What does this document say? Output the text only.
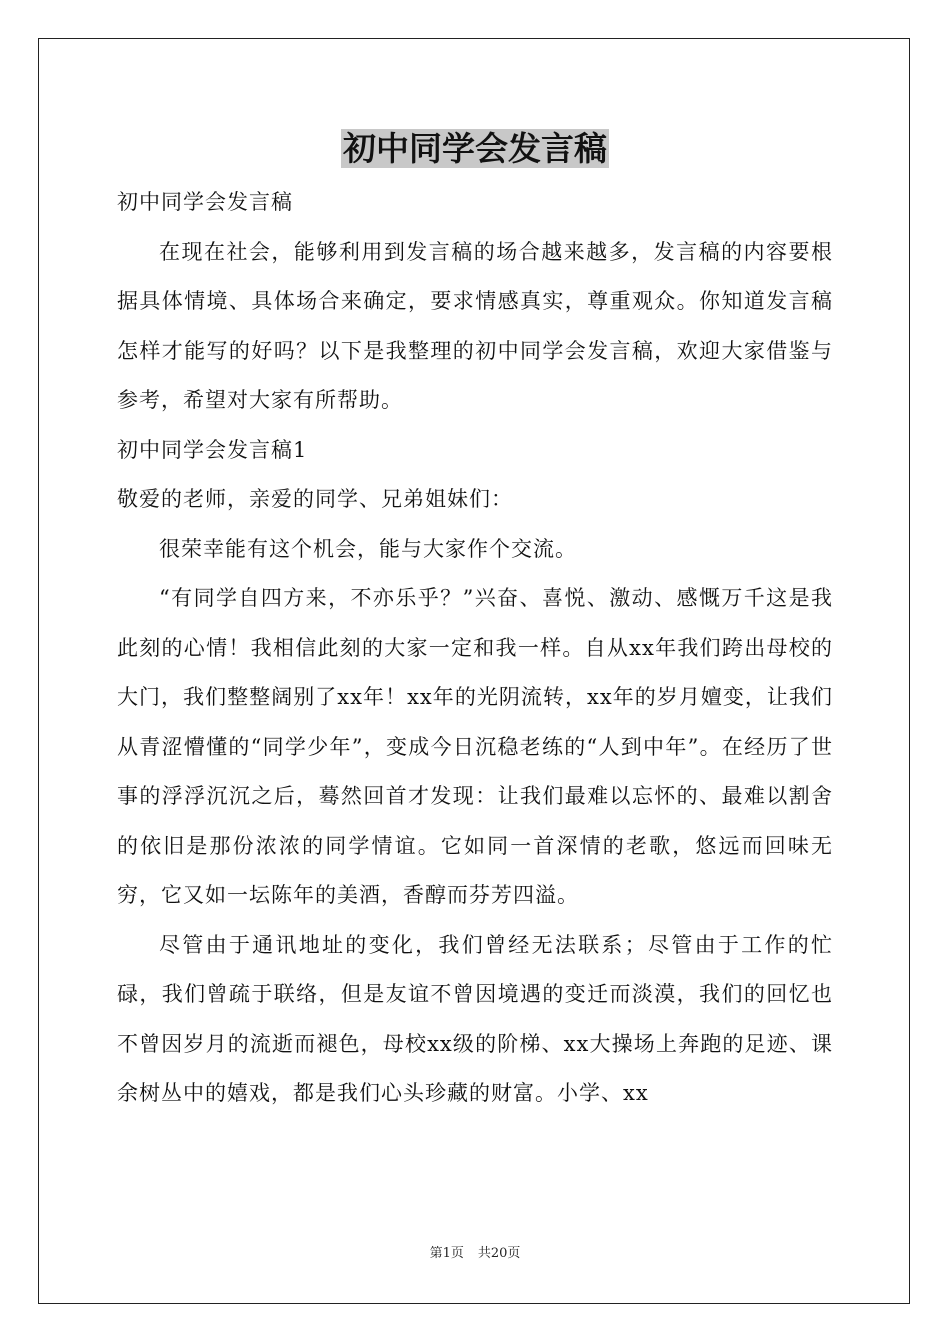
初中同学会发言稿

初中同学会发言稿

在现在社会，能够利用到发言稿的场合越来越多，发言稿的内容要根据具体情境、具体场合来确定，要求情感真实，尊重观众。你知道发言稿怎样才能写的好吗？以下是我整理的初中同学会发言稿，欢迎大家借鉴与参考，希望对大家有所帮助。

初中同学会发言稿1

敬爱的老师，亲爱的同学、兄弟姐妹们：

很荣幸能有这个机会，能与大家作个交流。

“有同学自四方来，不亦乐乎？”兴奋、喜悦、激动、感慨万千这是我此刻的心情！我相信此刻的大家一定和我一样。自从xx年我们跨出母校的大门，我们整整阔别了xx年！xx年的光阴流转，xx年的岁月嬗变，让我们从青涩懵懂的“同学少年”，变成今日沉稳老练的“人到中年”。在经历了世事的浮浮沉沉之后，蓦然回首才发现：让我们最难以忘怀的、最难以割舍的依旧是那份浓浓的同学情谊。它如同一首深情的老歌，悠远而回味无穷，它又如一坛陈年的美酒，香醇而芬芳四溢。

尽管由于通讯地址的变化，我们曾经无法联系；尽管由于工作的忙碌，我们曾疏于联络，但是友谊不曾因境遇的变迁而淡漠，我们的回忆也不曾因岁月的流逝而褪色，母校xx级的阶梯、xx大操场上奔跑的足迹、课余树丛中的嬉戏，都是我们心头珍藏的财富。小学、xx

第1页 共20页
